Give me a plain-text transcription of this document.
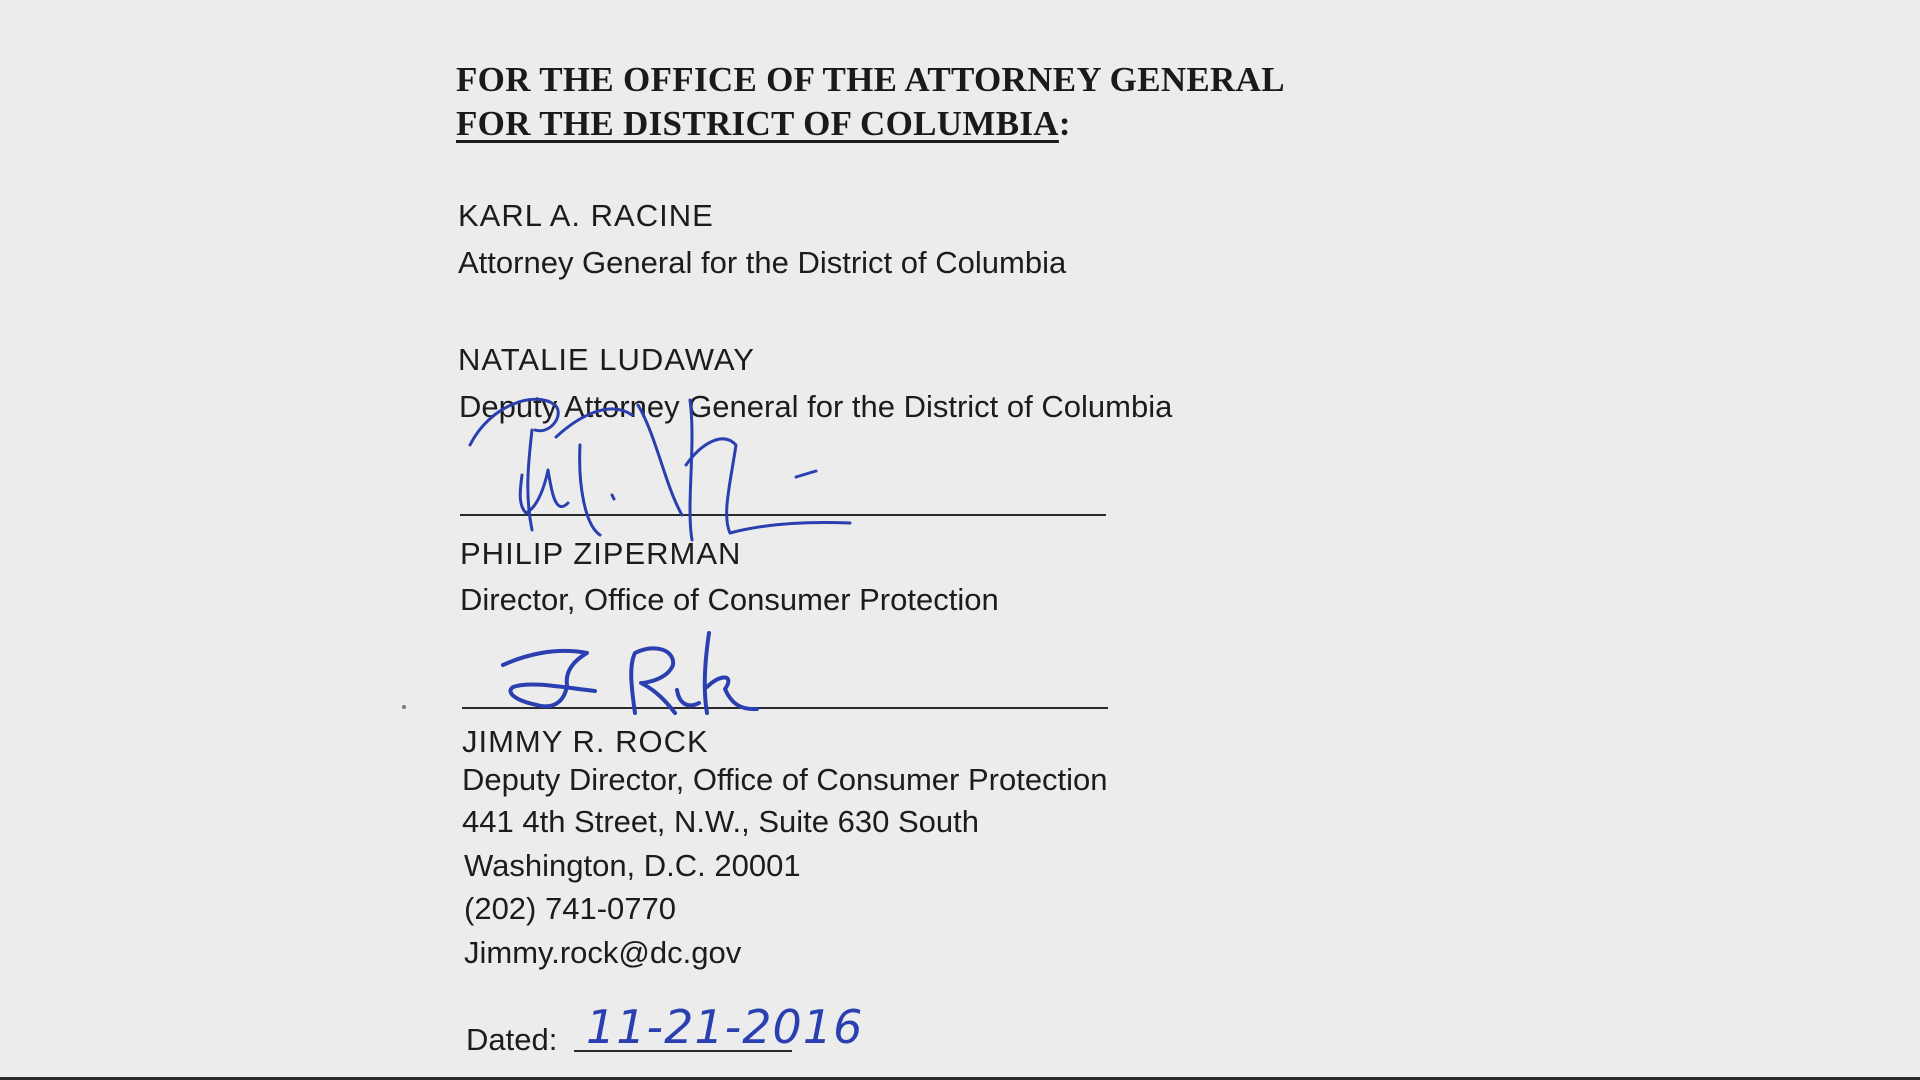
FOR THE OFFICE OF THE ATTORNEY GENERAL
FOR THE DISTRICT OF COLUMBIA:
KARL A. RACINE
Attorney General for the District of Columbia
NATALIE LUDAWAY
Deputy Attorney General for the District of Columbia
PHILIP ZIPERMAN
Director, Office of Consumer Protection
JIMMY R. ROCK
Deputy Director, Office of Consumer Protection
441 4th Street, N.W., Suite 630 South
Washington, D.C. 20001
(202) 741-0770
Jimmy.rock@dc.gov
Dated: 11-21-2016
